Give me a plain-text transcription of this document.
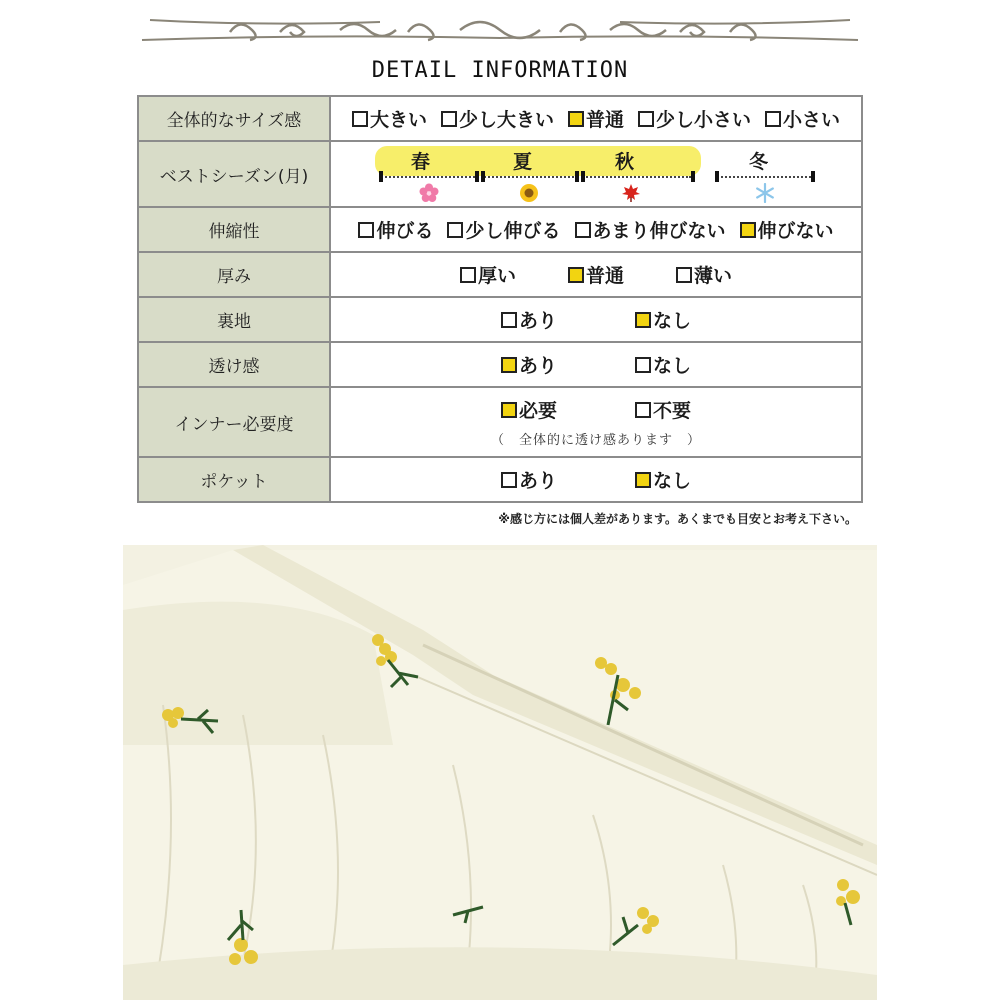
DETAIL INFORMATION
全体的なサイズ感	大きい 少し大きい 普通 少し小さい 小さい

ベストシーズン(月)	春 夏 秋 冬

伸縮性	伸びる 少し伸びる あまり伸びない 伸びない

厚み	厚い 普通 薄い

裏地	あり なし

透け感	あり なし

インナー必要度	必要 不要
（　全体的に透け感あります　）

ポケット	あり なし
※感じ方には個人差があります。あくまでも目安とお考え下さい。
